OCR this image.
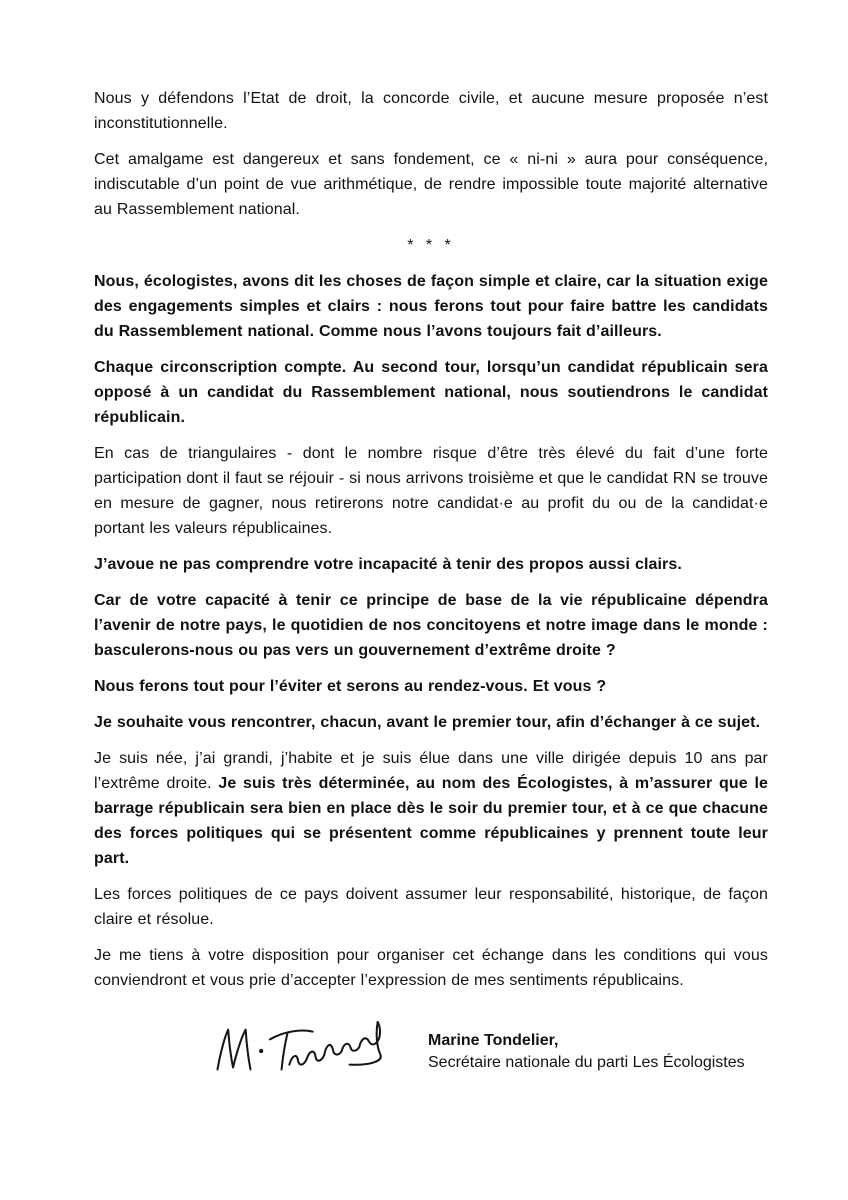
Nous y défendons l’Etat de droit, la concorde civile, et aucune mesure proposée n’est inconstitutionnelle.

Cet amalgame est dangereux et sans fondement, ce « ni-ni » aura pour conséquence, indiscutable d’un point de vue arithmétique, de rendre impossible toute majorité alternative au Rassemblement national.

* * *

Nous, écologistes, avons dit les choses de façon simple et claire, car la situation exige des engagements simples et clairs : nous ferons tout pour faire battre les candidats du Rassemblement national. Comme nous l’avons toujours fait d’ailleurs.

Chaque circonscription compte. Au second tour, lorsqu’un candidat républicain sera opposé à un candidat du Rassemblement national, nous soutiendrons le candidat républicain.

En cas de triangulaires - dont le nombre risque d’être très élevé du fait d’une forte participation dont il faut se réjouir - si nous arrivons troisième et que le candidat RN se trouve en mesure de gagner, nous retirerons notre candidat·e au profit du ou de la candidat·e portant les valeurs républicaines.

J’avoue ne pas comprendre votre incapacité à tenir des propos aussi clairs.

Car de votre capacité à tenir ce principe de base de la vie républicaine dépendra l’avenir de notre pays, le quotidien de nos concitoyens et notre image dans le monde : basculerons-nous ou pas vers un gouvernement d’extrême droite ?

Nous ferons tout pour l’éviter et serons au rendez-vous. Et vous ?

Je souhaite vous rencontrer, chacun, avant le premier tour, afin d’échanger à ce sujet.

Je suis née, j’ai grandi, j’habite et je suis élue dans une ville dirigée depuis 10 ans par l’extrême droite. Je suis très déterminée, au nom des Écologistes, à m’assurer que le barrage républicain sera bien en place dès le soir du premier tour, et à ce que chacune des forces politiques qui se présentent comme républicaines y prennent toute leur part.

Les forces politiques de ce pays doivent assumer leur responsabilité, historique, de façon claire et résolue.

Je me tiens à votre disposition pour organiser cet échange dans les conditions qui vous conviendront et vous prie d’accepter l’expression de mes sentiments républicains.

Marine Tondelier,
Secrétaire nationale du parti Les Écologistes
